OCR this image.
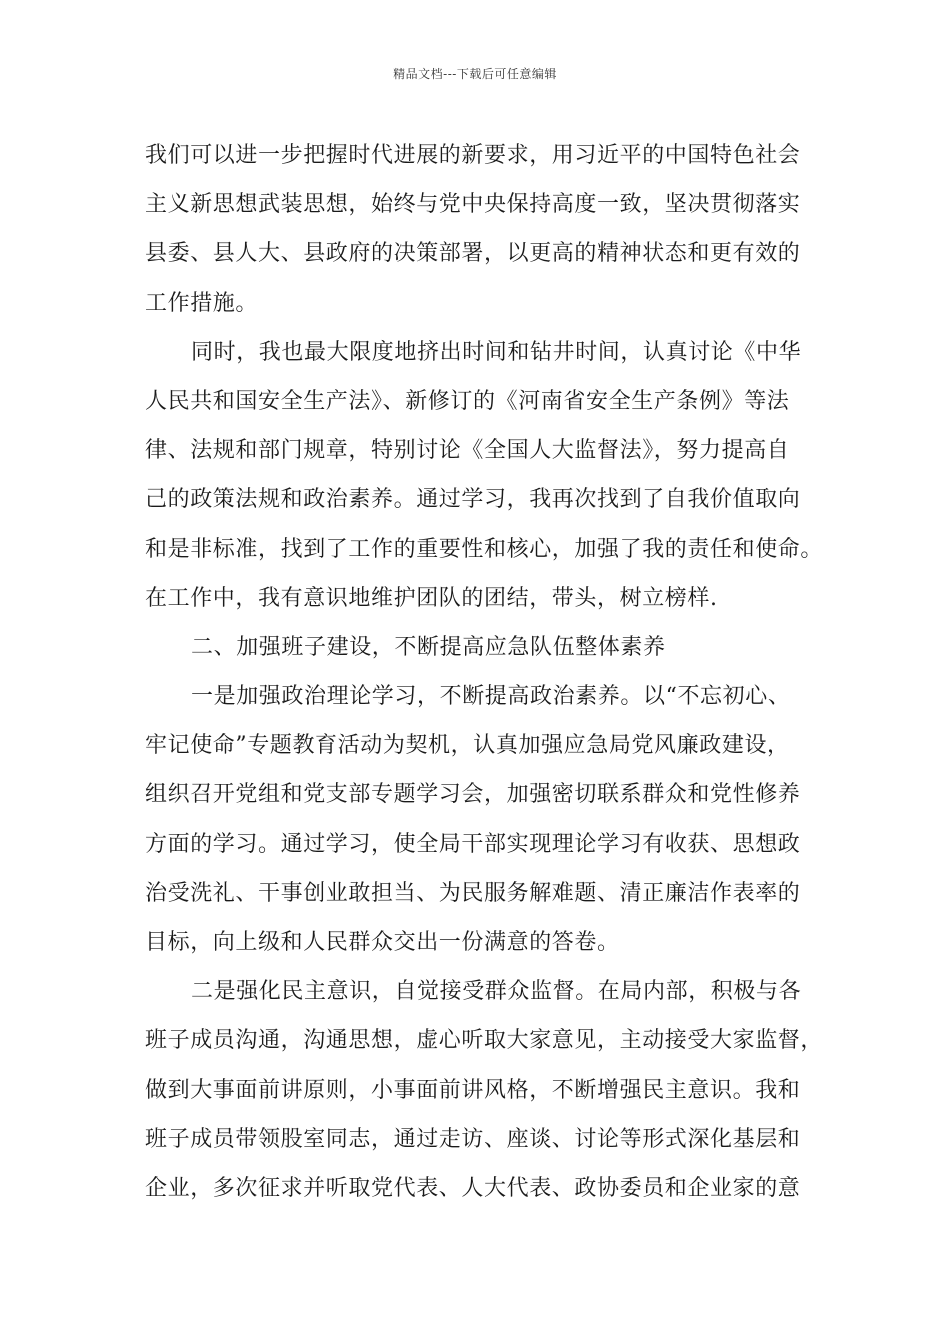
精品文档---下载后可任意编辑
我们可以进一步把握时代进展的新要求，用习近平的中国特色社会
主义新思想武装思想，始终与党中央保持高度一致，坚决贯彻落实
县委、县人大、县政府的决策部署，以更高的精神状态和更有效的
工作措施。
同时，我也最大限度地挤出时间和钻井时间，认真讨论《中华
人民共和国安全生产法》、新修订的《河南省安全生产条例》等法
律、法规和部门规章，特别讨论《全国人大监督法》，努力提高自
己的政策法规和政治素养。通过学习，我再次找到了自我价值取向
和是非标准，找到了工作的重要性和核心，加强了我的责任和使命。
在工作中，我有意识地维护团队的团结，带头，树立榜样.
二、加强班子建设，不断提高应急队伍整体素养
一是加强政治理论学习，不断提高政治素养。以“不忘初心、
牢记使命”专题教育活动为契机，认真加强应急局党风廉政建设，
组织召开党组和党支部专题学习会，加强密切联系群众和党性修养
方面的学习。通过学习，使全局干部实现理论学习有收获、思想政
治受洗礼、干事创业敢担当、为民服务解难题、清正廉洁作表率的
目标，向上级和人民群众交出一份满意的答卷。
二是强化民主意识，自觉接受群众监督。在局内部，积极与各
班子成员沟通，沟通思想，虚心听取大家意见，主动接受大家监督，
做到大事面前讲原则，小事面前讲风格，不断增强民主意识。我和
班子成员带领股室同志，通过走访、座谈、讨论等形式深化基层和
企业，多次征求并听取党代表、人大代表、政协委员和企业家的意
